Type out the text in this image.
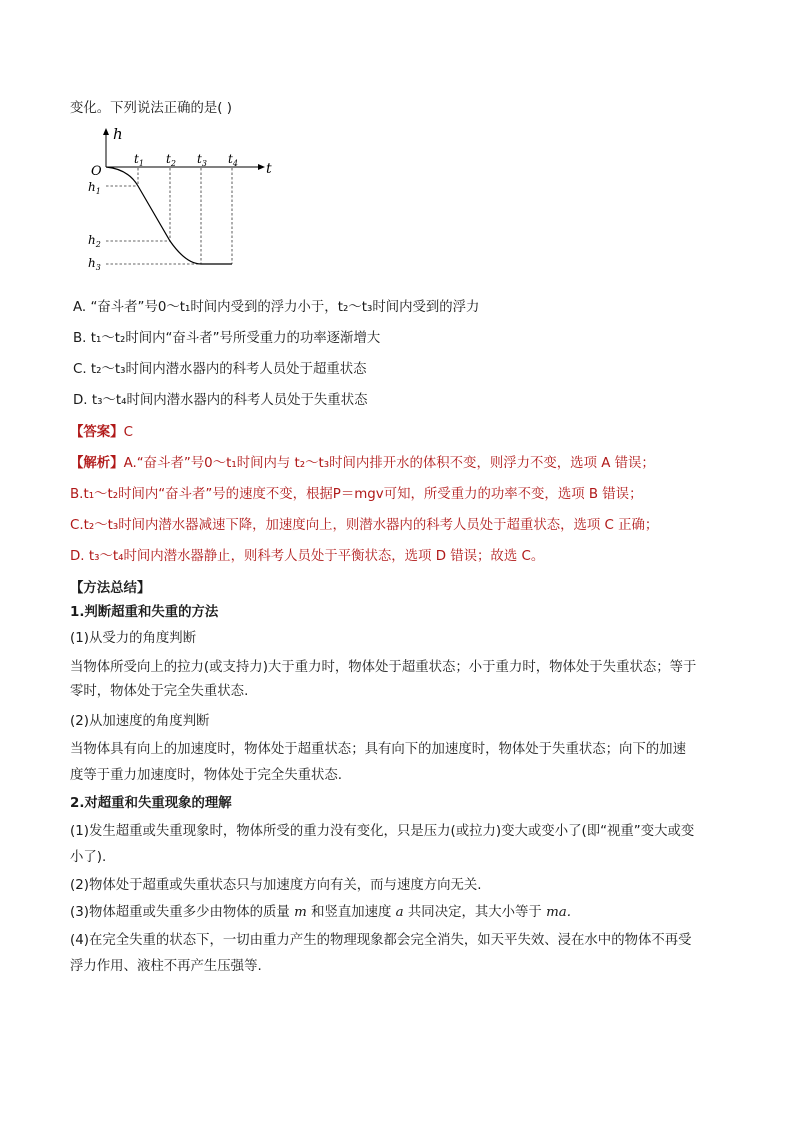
变化。下列说法正确的是( )
h
t
O
$t_1$ $t_2$ $t_3$ $t_4$
$h_1$
$h_2$
$h_3$
A. “奋斗者”号0～t₁时间内受到的浮力小于，t₂～t₃时间内受到的浮力
B. t₁～t₂时间内“奋斗者”号所受重力的功率逐渐增大
C. t₂～t₃时间内潜水器内的科考人员处于超重状态
D. t₃～t₄时间内潜水器内的科考人员处于失重状态
【答案】C
【解析】A.“奋斗者”号0～t₁时间内与 t₂～t₃时间内排开水的体积不变，则浮力不变，选项 A 错误；
B.t₁～t₂时间内“奋斗者”号的速度不变，根据P＝mgv可知，所受重力的功率不变，选项 B 错误；
C.t₂～t₃时间内潜水器减速下降，加速度向上，则潜水器内的科考人员处于超重状态，选项 C 正确；
D. t₃～t₄时间内潜水器静止，则科考人员处于平衡状态，选项 D 错误；故选 C。
【方法总结】
1.判断超重和失重的方法
(1)从受力的角度判断
当物体所受向上的拉力(或支持力)大于重力时，物体处于超重状态；小于重力时，物体处于失重状态；等于
零时，物体处于完全失重状态.
(2)从加速度的角度判断
当物体具有向上的加速度时，物体处于超重状态；具有向下的加速度时，物体处于失重状态；向下的加速
度等于重力加速度时，物体处于完全失重状态.
2.对超重和失重现象的理解
(1)发生超重或失重现象时，物体所受的重力没有变化，只是压力(或拉力)变大或变小了(即“视重”变大或变
小了).
(2)物体处于超重或失重状态只与加速度方向有关，而与速度方向无关.
(3)物体超重或失重多少由物体的质量 m 和竖直加速度 a 共同决定，其大小等于 ma.
(4)在完全失重的状态下，一切由重力产生的物理现象都会完全消失，如天平失效、浸在水中的物体不再受
浮力作用、液柱不再产生压强等.
